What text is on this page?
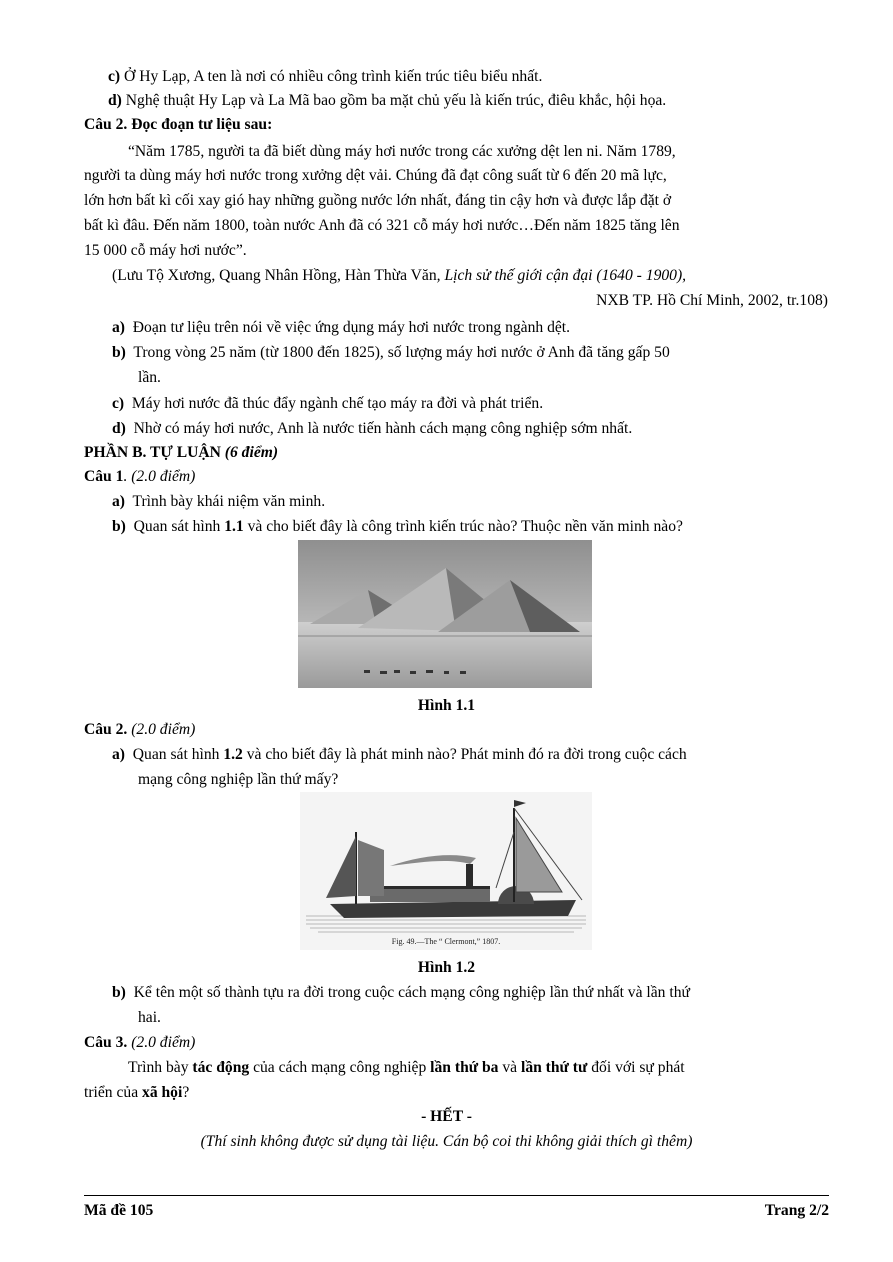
c) Ở Hy Lạp, A ten là nơi có nhiều công trình kiến trúc tiêu biểu nhất.
d) Nghệ thuật Hy Lạp và La Mã bao gồm ba mặt chủ yếu là kiến trúc, điêu khắc, hội họa.
Câu 2. Đọc đoạn tư liệu sau:
“Năm 1785, người ta đã biết dùng máy hơi nước trong các xưởng dệt len ni. Năm 1789,
người ta dùng máy hơi nước trong xưởng dệt vải. Chúng đã đạt công suất từ 6 đến 20 mã lực,
lớn hơn bất kì cối xay gió hay những guồng nước lớn nhất, đáng tin cậy hơn và được lắp đặt ở
bất kì đâu. Đến năm 1800, toàn nước Anh đã có 321 cỗ máy hơi nước…Đến năm 1825 tăng lên
15 000 cỗ máy hơi nước”.
(Lưu Tộ Xương, Quang Nhân Hồng, Hàn Thừa Văn, Lịch sử thế giới cận đại (1640 - 1900),
NXB TP. Hồ Chí Minh, 2002, tr.108)
a) Đoạn tư liệu trên nói về việc ứng dụng máy hơi nước trong ngành dệt.
b) Trong vòng 25 năm (từ 1800 đến 1825), số lượng máy hơi nước ở Anh đã tăng gấp 50
lần.
c) Máy hơi nước đã thúc đẩy ngành chế tạo máy ra đời và phát triển.
d) Nhờ có máy hơi nước, Anh là nước tiến hành cách mạng công nghiệp sớm nhất.
PHẦN B. TỰ LUẬN (6 điểm)
Câu 1. (2.0 điểm)
a) Trình bày khái niệm văn minh.
b) Quan sát hình 1.1 và cho biết đây là công trình kiến trúc nào? Thuộc nền văn minh nào?
Hình 1.1
Câu 2. (2.0 điểm)
a) Quan sát hình 1.2 và cho biết đây là phát minh nào? Phát minh đó ra đời trong cuộc cách
mạng công nghiệp lần thứ mấy?
Fig. 49.—The “ Clermont,” 1807.
Hình 1.2
b) Kể tên một số thành tựu ra đời trong cuộc cách mạng công nghiệp lần thứ nhất và lần thứ
hai.
Câu 3. (2.0 điểm)
Trình bày tác động của cách mạng công nghiệp lần thứ ba và lần thứ tư đối với sự phát
triển của xã hội?
- HẾT -
(Thí sinh không được sử dụng tài liệu. Cán bộ coi thi không giải thích gì thêm)
Mã đề 105	Trang 2/2
